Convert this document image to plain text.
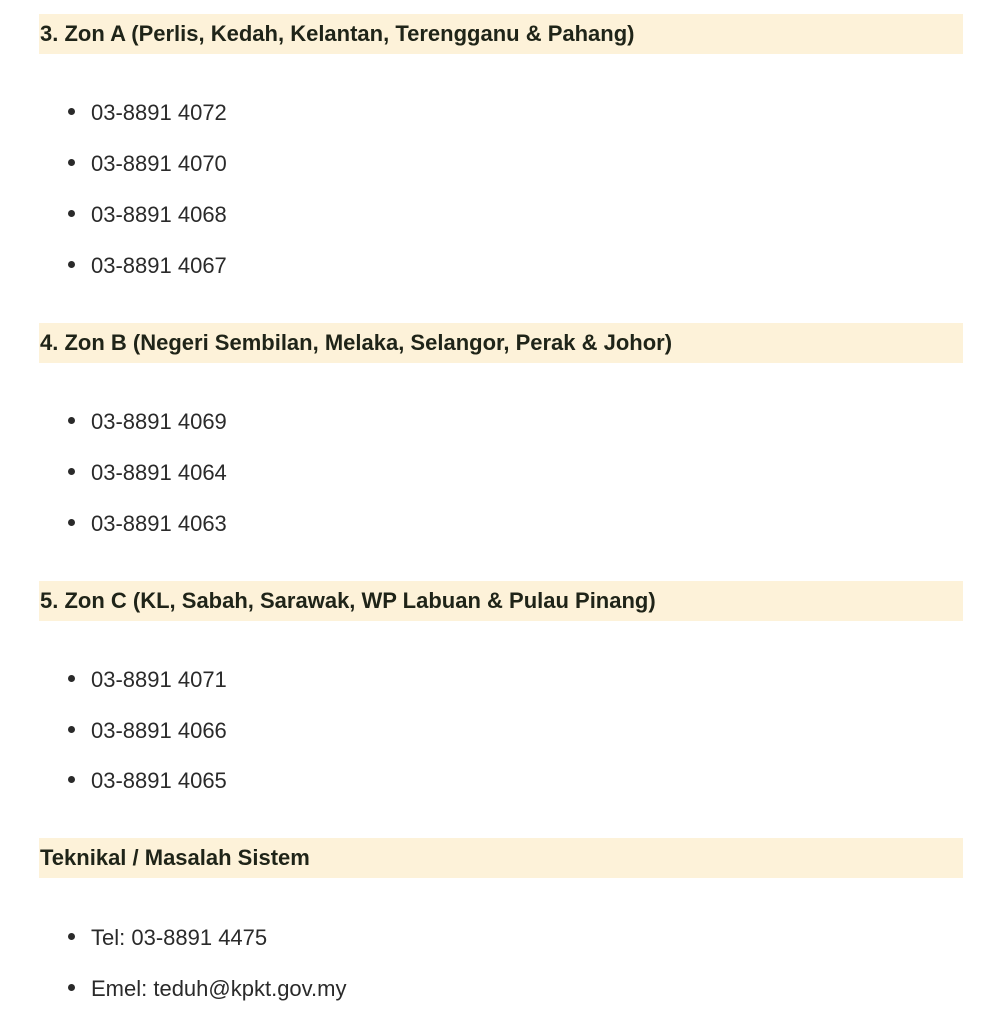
3. Zon A (Perlis, Kedah, Kelantan, Terengganu & Pahang)
03-8891 4072
03-8891 4070
03-8891 4068
03-8891 4067
4. Zon B (Negeri Sembilan, Melaka, Selangor, Perak & Johor)
03-8891 4069
03-8891 4064
03-8891 4063
5. Zon C (KL, Sabah, Sarawak, WP Labuan & Pulau Pinang)
03-8891 4071
03-8891 4066
03-8891 4065
Teknikal / Masalah Sistem
Tel: 03-8891 4475
Emel: teduh@kpkt.gov.my
